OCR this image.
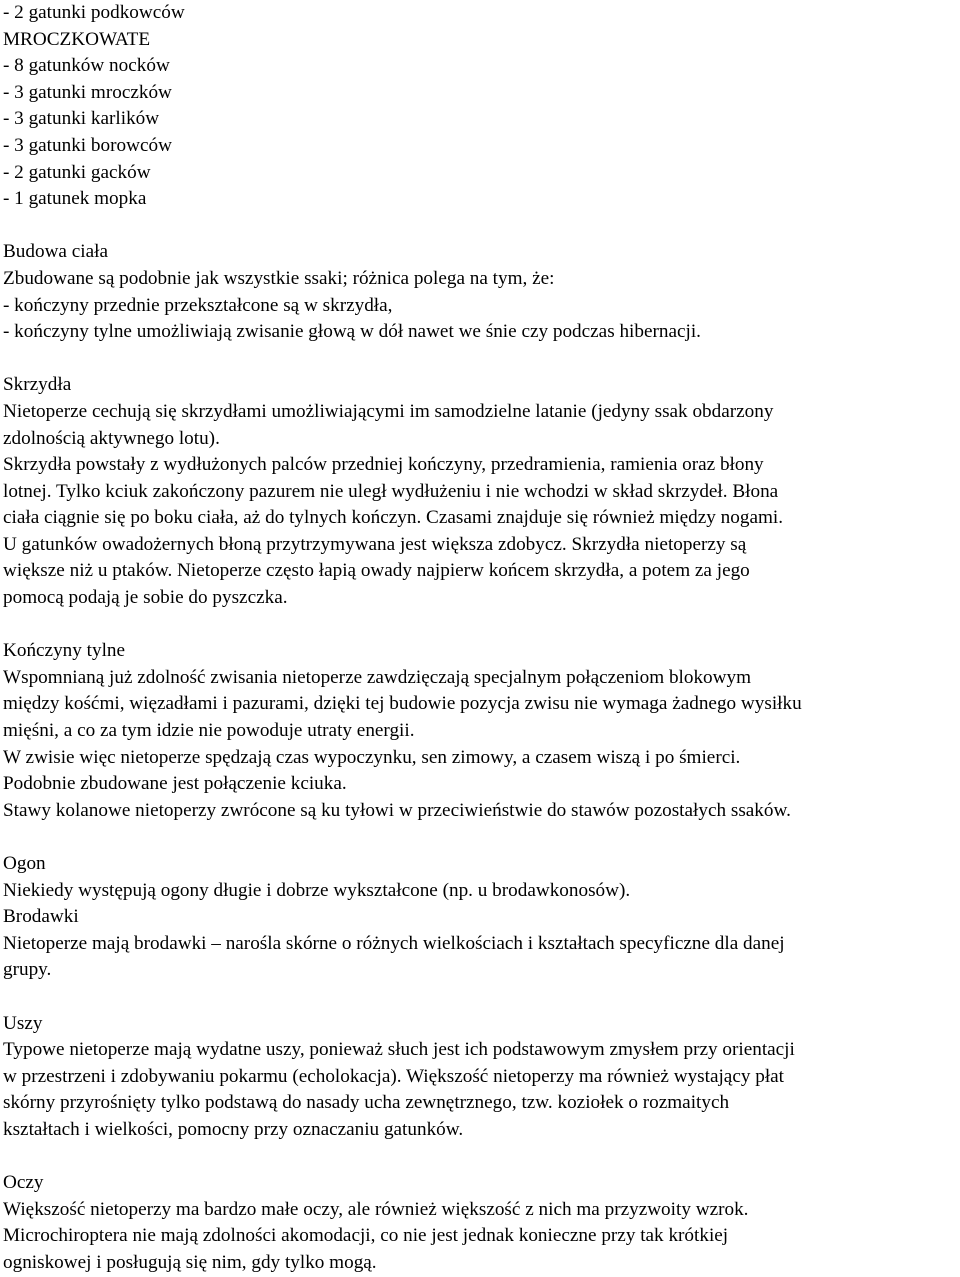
- 2 gatunki podkowców
MROCZKOWATE
- 8 gatunków nocków
- 3 gatunki mroczków
- 3 gatunki karlików
- 3 gatunki borowców
- 2 gatunki gacków
- 1 gatunek mopka
Budowa ciała
Zbudowane są podobnie jak wszystkie ssaki; różnica polega na tym, że:
- kończyny przednie przekształcone są w skrzydła,
- kończyny tylne umożliwiają zwisanie głową w dół nawet we śnie czy podczas hibernacji.
Skrzydła
Nietoperze cechują się skrzydłami umożliwiającymi im samodzielne latanie (jedyny ssak obdarzony
zdolnością aktywnego lotu).
Skrzydła powstały z wydłużonych palców przedniej kończyny, przedramienia, ramienia oraz błony
lotnej. Tylko kciuk zakończony pazurem nie uległ wydłużeniu i nie wchodzi w skład skrzydeł. Błona
ciała ciągnie się po boku ciała, aż do tylnych kończyn. Czasami znajduje się również między nogami.
U gatunków owadożernych błoną przytrzymywana jest większa zdobycz. Skrzydła nietoperzy są
większe niż u ptaków. Nietoperze często łapią owady najpierw końcem skrzydła, a potem za jego
pomocą podają je sobie do pyszczka.
Kończyny tylne
Wspomnianą już zdolność zwisania nietoperze zawdzięczają specjalnym połączeniom blokowym
między kośćmi, więzadłami i pazurami, dzięki tej budowie pozycja zwisu nie wymaga żadnego wysiłku
mięśni, a co za tym idzie nie powoduje utraty energii.
W zwisie więc nietoperze spędzają czas wypoczynku, sen zimowy, a czasem wiszą i po śmierci.
Podobnie zbudowane jest połączenie kciuka.
Stawy kolanowe nietoperzy zwrócone są ku tyłowi w przeciwieństwie do stawów pozostałych ssaków.
Ogon
Niekiedy występują ogony długie i dobrze wykształcone (np. u brodawkonosów).
Brodawki
Nietoperze mają brodawki – narośla skórne o różnych wielkościach i kształtach specyficzne dla danej
grupy.
Uszy
Typowe nietoperze mają wydatne uszy, ponieważ słuch jest ich podstawowym zmysłem przy orientacji
w przestrzeni i zdobywaniu pokarmu (echolokacja). Większość nietoperzy ma również wystający płat
skórny przyrośnięty tylko podstawą do nasady ucha zewnętrznego, tzw. koziołek o rozmaitych
kształtach i wielkości, pomocny przy oznaczaniu gatunków.
Oczy
Większość nietoperzy ma bardzo małe oczy, ale również większość z nich ma przyzwoity wzrok.
Microchiroptera nie mają zdolności akomodacji, co nie jest jednak konieczne przy tak krótkiej
ogniskowej i posługują się nim, gdy tylko mogą.
